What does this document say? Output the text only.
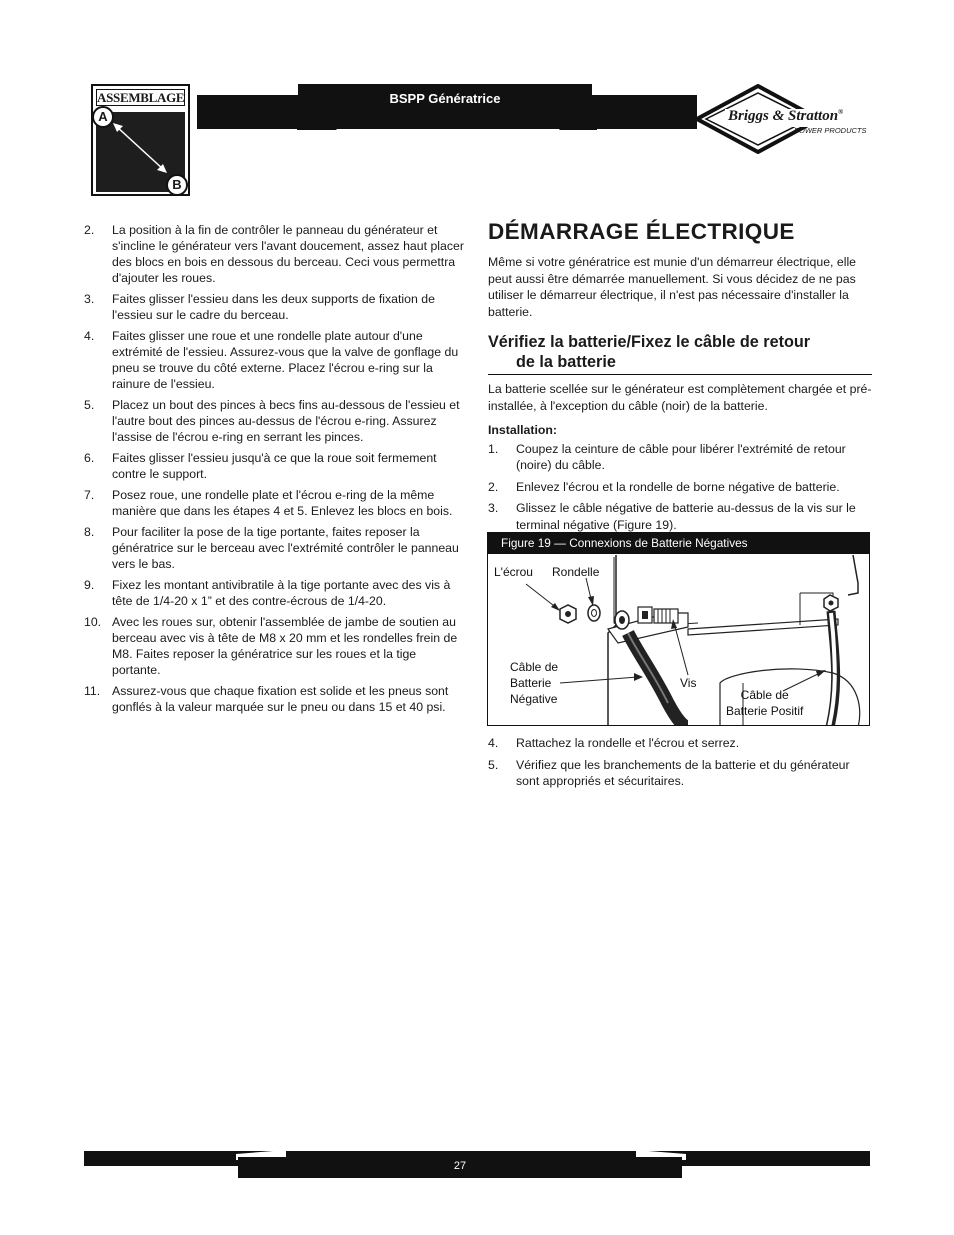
ASSEMBLAGE
A
B
BSPP Génératrice
Briggs & Stratton®
POWER PRODUCTS
2.	La position à la fin de contrôler le panneau du générateur et s'incline le générateur vers l'avant doucement, assez haut placer des blocs en bois en dessous du berceau. Ceci vous permettra d'ajouter les roues.
3.	Faites glisser l'essieu dans les deux supports de fixation de l'essieu sur le cadre du berceau.
4.	Faites glisser une roue et une rondelle plate autour d'une extrémité de l'essieu. Assurez-vous que la valve de gonflage du pneu se trouve du côté externe. Placez l'écrou e-ring sur la rainure de l'essieu.
5.	Placez un bout des pinces à becs fins au-dessous de l'essieu et l'autre bout des pinces au-dessus de l'écrou e-ring. Assurez l'assise de l'écrou e-ring en serrant les pinces.
6.	Faites glisser l'essieu jusqu'à ce que la roue soit fermement contre le support.
7.	Posez roue, une rondelle plate et l'écrou e-ring de la même manière que dans les étapes 4 et 5. Enlevez les blocs en bois.
8.	Pour faciliter la pose de la tige portante, faites reposer la génératrice sur le berceau avec l'extrémité contrôler le panneau vers le bas.
9.	Fixez les montant antivibratile à la tige portante avec des vis à tête de 1/4-20 x 1” et des contre-écrous de 1/4-20.
10. Avec les roues sur, obtenir l'assemblée de jambe de soutien au berceau avec vis à tête de M8 x 20 mm et les rondelles frein de M8. Faites reposer la génératrice sur les roues et la tige portante.
11. Assurez-vous que chaque fixation est solide et les pneus sont gonflés à la valeur marquée sur le pneu ou dans 15 et 40 psi.
DÉMARRAGE ÉLECTRIQUE
Même si votre génératrice est munie d'un démarreur électrique, elle peut aussi être démarrée manuellement. Si vous décidez de ne pas utiliser le démarreur électrique, il n'est pas nécessaire d'installer la batterie.
Vérifiez la batterie/Fixez le câble de retour
de la batterie
La batterie scellée sur le générateur est complètement chargée et pré-installée, à l'exception du câble (noir) de la batterie.
Installation:
1.	Coupez la ceinture de câble pour libérer l'extrémité de retour (noire) du câble.
2.	Enlevez l'écrou et la rondelle de borne négative de batterie.
3.	Glissez le câble négative de batterie au-dessus de la vis sur le terminal négative (Figure 19).
Figure 19 — Connexions de Batterie Négatives
L'écrou Rondelle
Câble de
Batterie
Négative
Vis
Câble de
Batterie Positif
4.	Rattachez la rondelle et l'écrou et serrez.
5.	Vérifiez que les branchements de la batterie et du générateur sont appropriés et sécuritaires.
27
